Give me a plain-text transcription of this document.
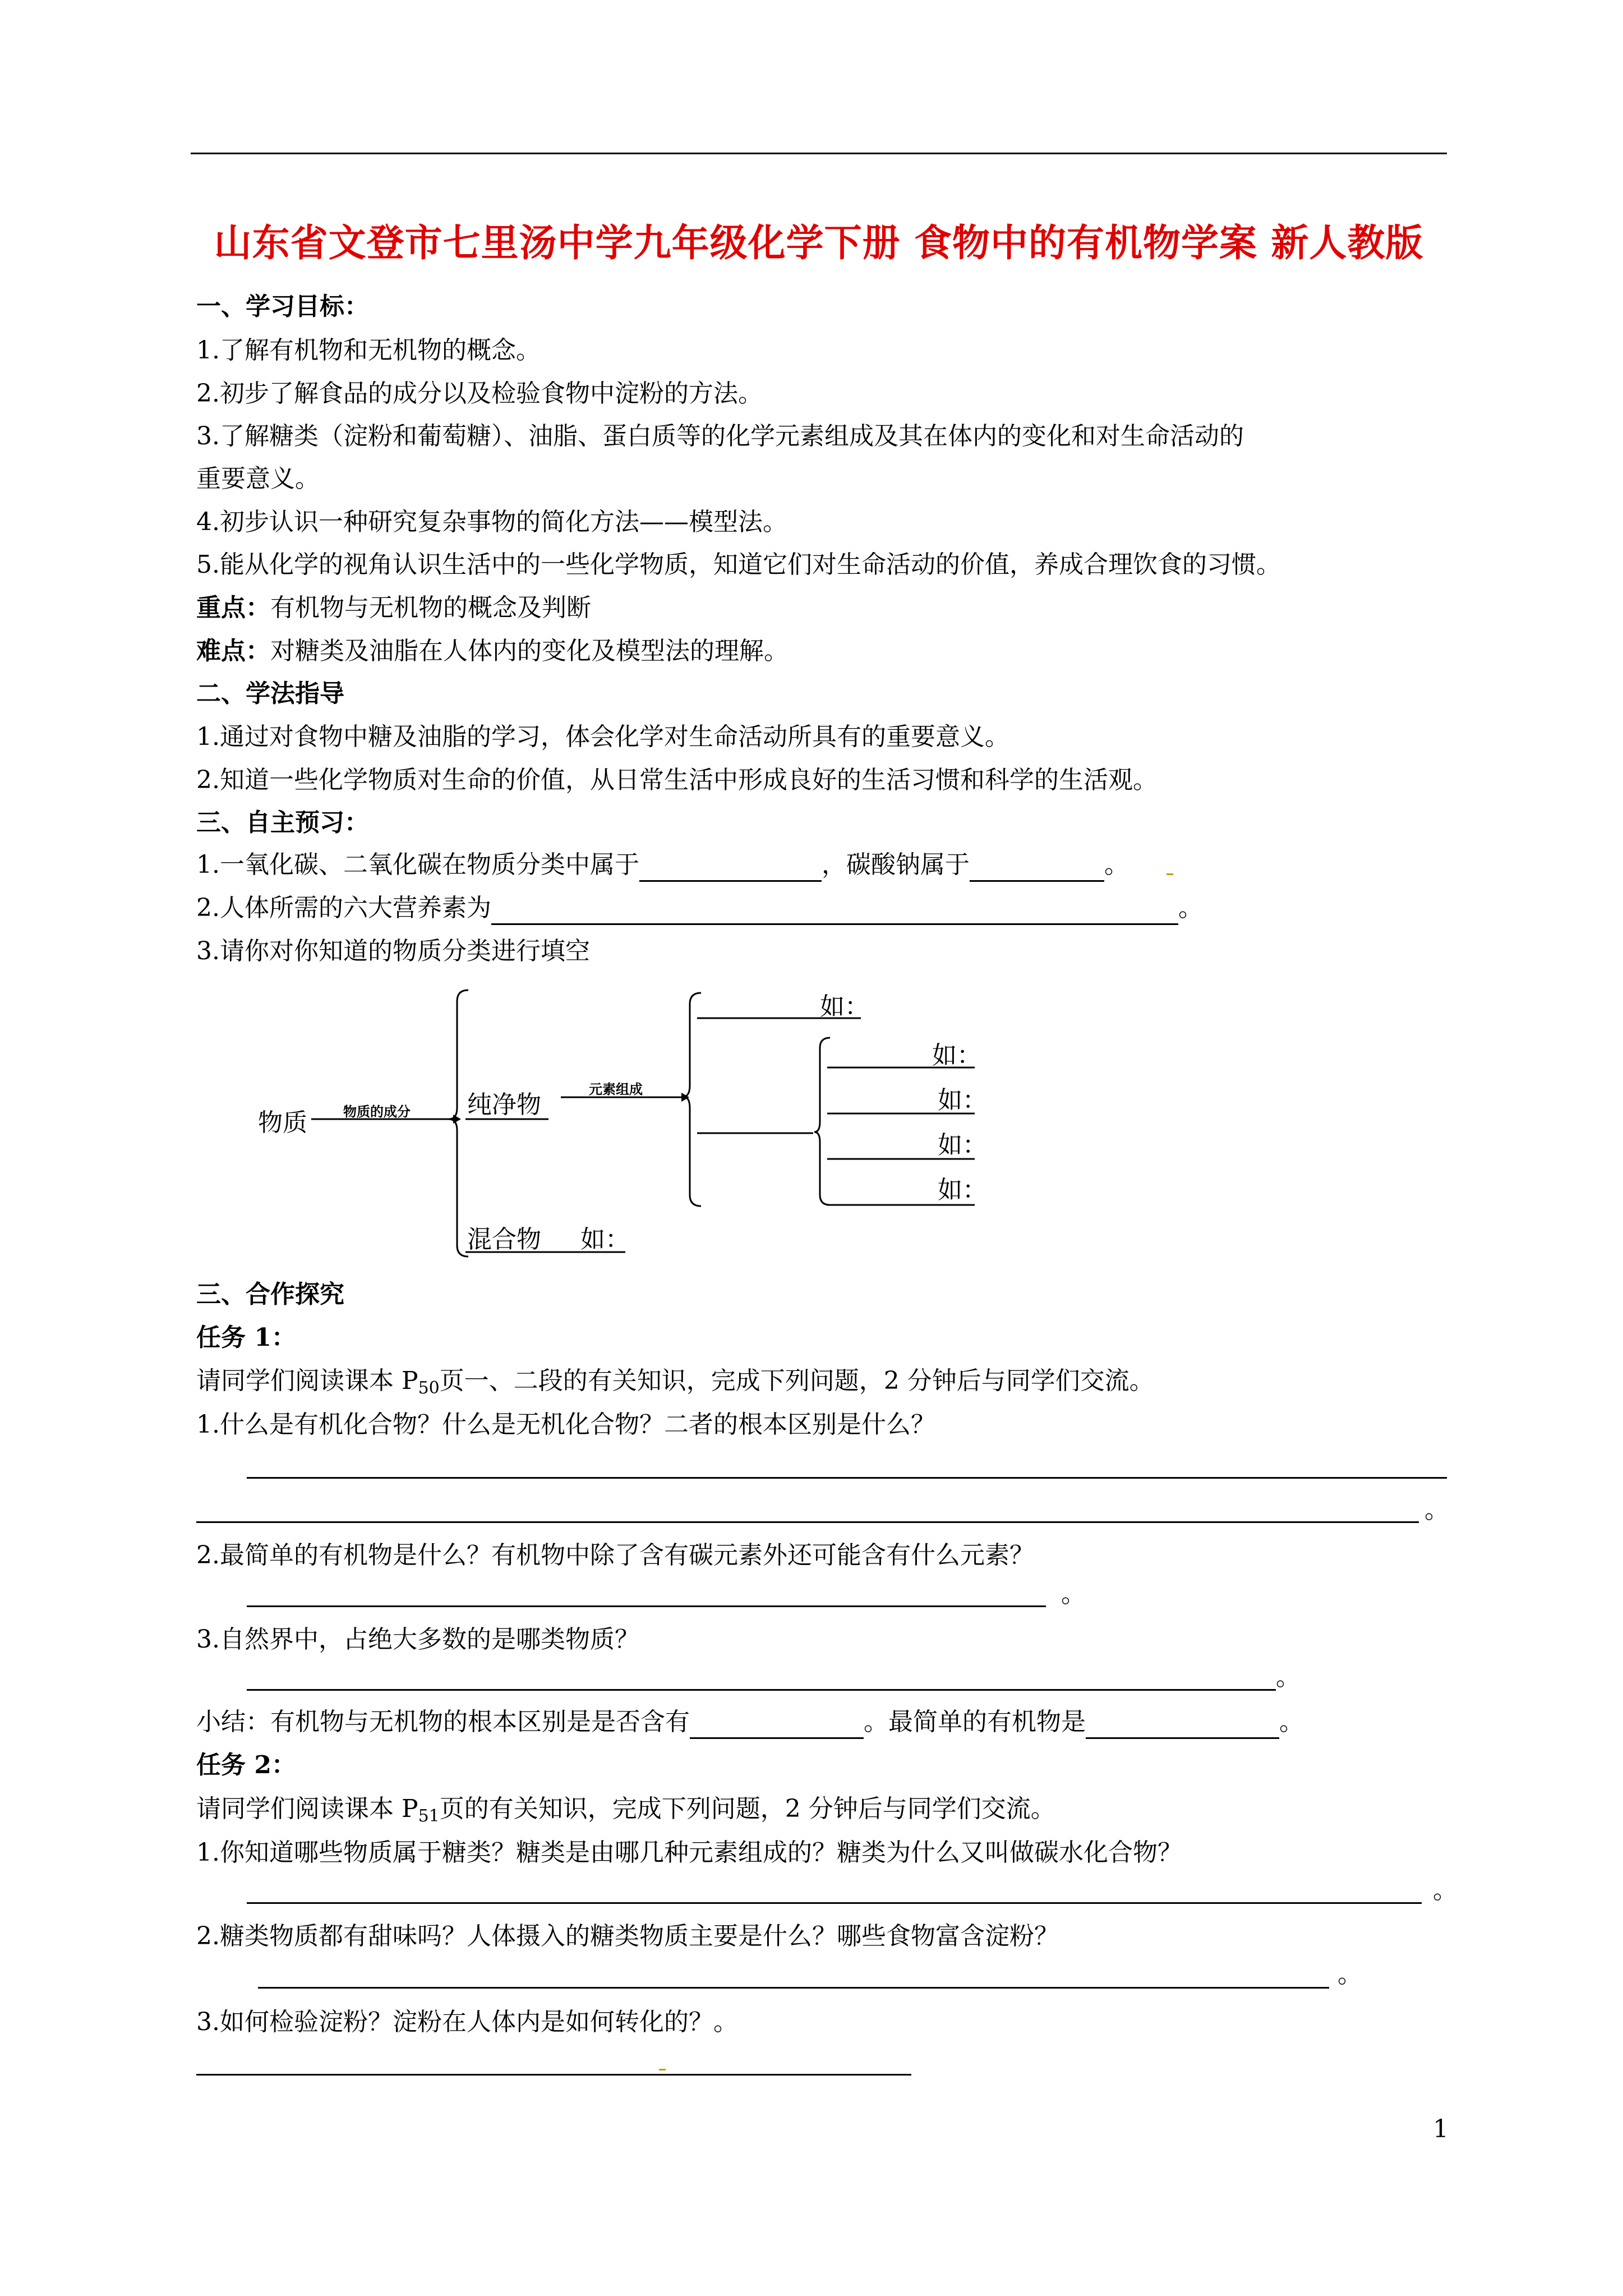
山东省文登市七里汤中学九年级化学下册 食物中的有机物学案 新人教版
一、学习目标：
1.了解有机物和无机物的概念。
2.初步了解食品的成分以及检验食物中淀粉的方法。
3.了解糖类（淀粉和葡萄糖）、油脂、蛋白质等的化学元素组成及其在体内的变化和对生命活动的
重要意义。
4.初步认识一种研究复杂事物的简化方法——模型法。
5.能从化学的视角认识生活中的一些化学物质，知道它们对生命活动的价值，养成合理饮食的习惯。
重点：有机物与无机物的概念及判断
难点：对糖类及油脂在人体内的变化及模型法的理解。
二、学法指导
1.通过对食物中糖及油脂的学习，体会化学对生命活动所具有的重要意义。
2.知道一些化学物质对生命的价值，从日常生活中形成良好的生活习惯和科学的生活观。
三、自主预习：
1.一氧化碳、二氧化碳在物质分类中属于	，碳酸钠属于	。
2.人体所需的六大营养素为	。
3.请你对你知道的物质分类进行填空
物质	物质的成分 纯净物
元素组成
如：
如：
如：
如：
如：
混合物 如：
三、合作探究
任务 1：
请同学们阅读课本 $P_{50}$页一、二段的有关知识，完成下列问题，2 分钟后与同学们交流。
1.什么是有机化合物？什么是无机化合物？二者的根本区别是什么？
。
2.最简单的有机物是什么？有机物中除了含有碳元素外还可能含有什么元素？
。
3.自然界中，占绝大多数的是哪类物质？
。
小结：有机物与无机物的根本区别是是否含有	。最简单的有机物是	。
任务 2：
请同学们阅读课本 $P_{51}$页的有关知识，完成下列问题，2 分钟后与同学们交流。
1.你知道哪些物质属于糖类？糖类是由哪几种元素组成的？糖类为什么又叫做碳水化合物？
。
2.糖类物质都有甜味吗？人体摄入的糖类物质主要是什么？哪些食物富含淀粉？
。
3.如何检验淀粉？淀粉在人体内是如何转化的？。
1
